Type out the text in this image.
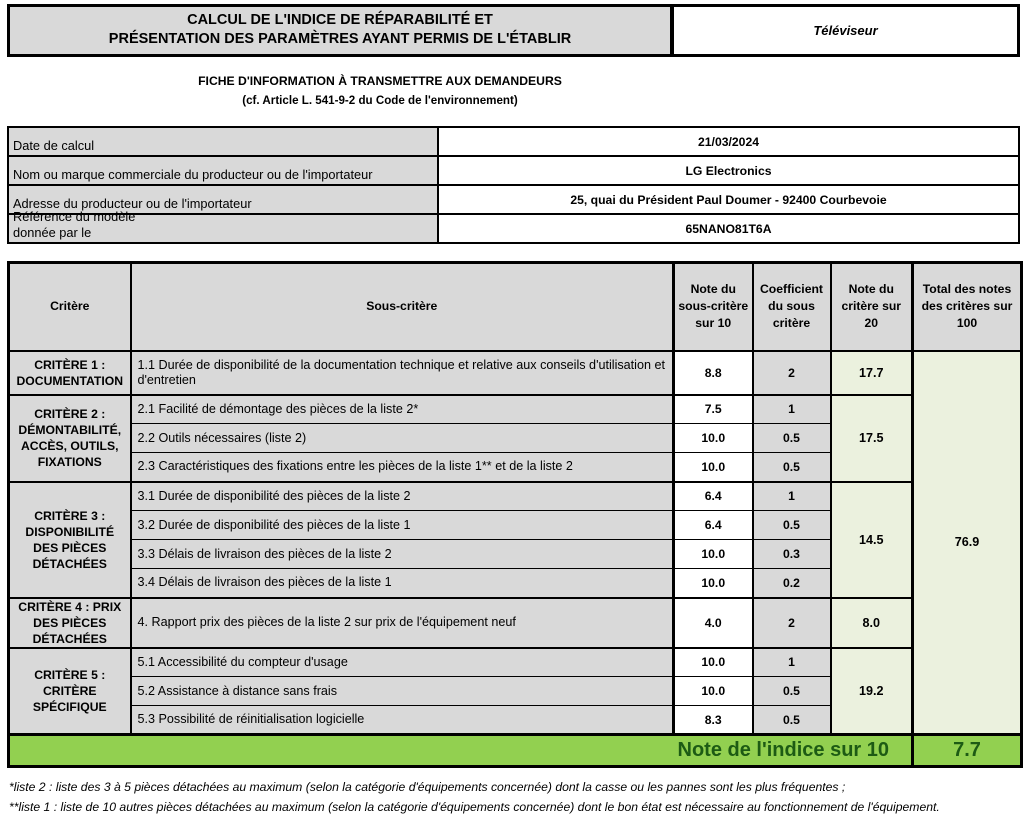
CALCUL DE L'INDICE DE RÉPARABILITÉ ET
PRÉSENTATION DES PARAMÈTRES AYANT PERMIS DE L'ÉTABLIR
Téléviseur
FICHE D'INFORMATION À TRANSMETTRE AUX DEMANDEURS
(cf. Article L. 541-9-2 du Code de l'environnement)
Date de calcul	21/03/2024
Nom ou marque commerciale du producteur ou de l'importateur	LG Electronics
Adresse du producteur ou de l'importateur	25, quai du Président Paul Doumer - 92400 Courbevoie

Référence du modèle
donnée par le	65NANO81T6A
Critère	Sous-critère	Note du sous-critère sur 10	Coefficient du sous critère	Note du critère sur 20	Total des notes des critères sur 100
CRITÈRE 1 : DOCUMENTATION	1.1 Durée de disponibilité de la documentation technique et relative aux conseils d'utilisation et d'entretien	8.8	2	17.7	76.9
CRITÈRE 2 : DÉMONTABILITÉ, ACCÈS, OUTILS, FIXATIONS	2.1 Facilité de démontage des pièces de la liste 2*	7.5	1	17.5	
	2.2 Outils nécessaires (liste 2)	10.0	0.5		
	2.3 Caractéristiques des fixations entre les pièces de la liste 1** et de la liste 2	10.0	0.5		
CRITÈRE 3 : DISPONIBILITÉ DES PIÈCES DÉTACHÉES	3.1 Durée de disponibilité des pièces de la liste 2	6.4	1	14.5	
	3.2 Durée de disponibilité des pièces de la liste 1	6.4	0.5		
	3.3 Délais de livraison des pièces de la liste 2	10.0	0.3		
	3.4 Délais de livraison des pièces de la liste 1	10.0	0.2		
CRITÈRE 4 : PRIX DES PIÈCES DÉTACHÉES	4. Rapport prix des pièces de la liste 2 sur prix de l'équipement neuf	4.0	2	8.0	
CRITÈRE 5 : CRITÈRE SPÉCIFIQUE	5.1 Accessibilité du compteur d'usage	10.0	1	19.2	
	5.2 Assistance à distance sans frais	10.0	0.5		
	5.3 Possibilité de réinitialisation logicielle	8.3	0.5		
Note de l'indice sur 10					7.7
*liste 2 : liste des 3 à 5 pièces détachées au maximum (selon la catégorie d'équipements concernée) dont la casse ou les pannes sont les plus fréquentes ;
**liste 1 : liste de 10 autres pièces détachées au maximum (selon la catégorie d'équipements concernée) dont le bon état est nécessaire au fonctionnement de l'équipement.
